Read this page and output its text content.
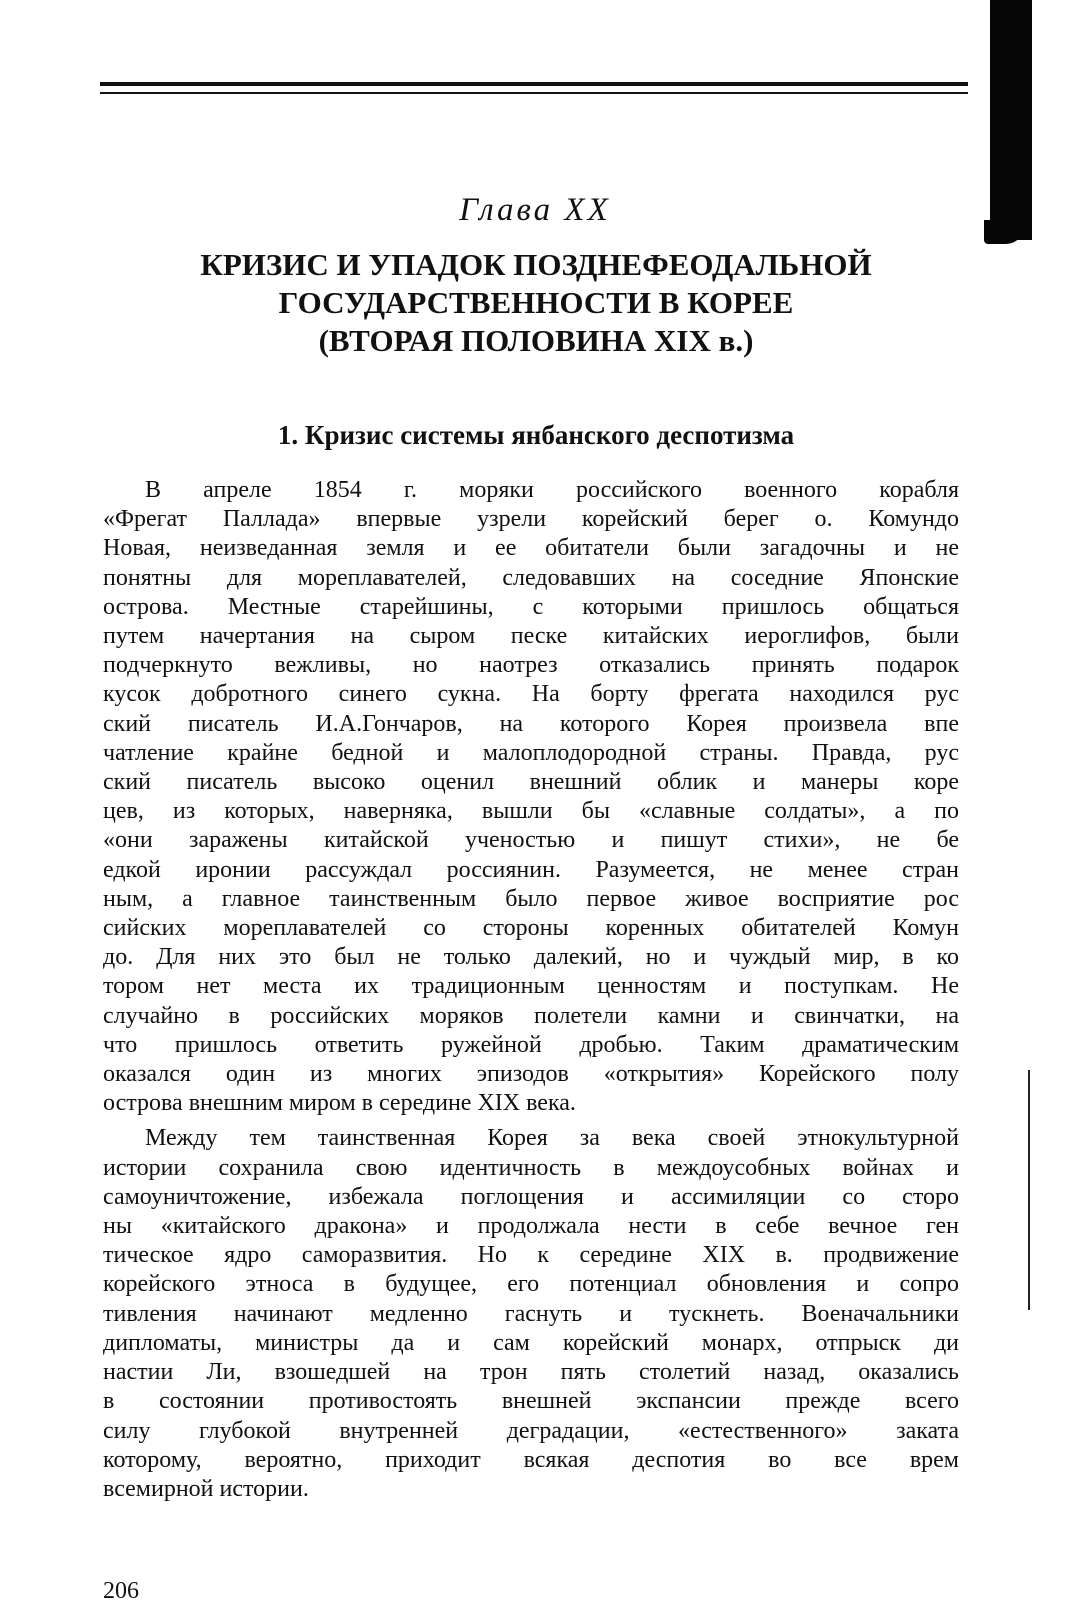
Глава XX
КРИЗИС И УПАДОК ПОЗДНЕФЕОДАЛЬНОЙ
ГОСУДАРСТВЕННОСТИ В КОРЕЕ
(ВТОРАЯ ПОЛОВИНА XIX в.)
1. Кризис системы янбанского деспотизма
В апреле 1854 г. моряки российского военного корабля
«Фрегат Паллада» впервые узрели корейский берег о. Комундо
Новая, неизведанная земля и ее обитатели были загадочны и не
понятны для мореплавателей, следовавших на соседние Японские
острова. Местные старейшины, с которыми пришлось общаться
путем начертания на сыром песке китайских иероглифов, были
подчеркнуто вежливы, но наотрез отказались принять подарок
кусок добротного синего сукна. На борту фрегата находился рус
ский писатель И.А.Гончаров, на которого Корея произвела впе
чатление крайне бедной и малоплодородной страны. Правда, рус
ский писатель высоко оценил внешний облик и манеры коре
цев, из которых, наверняка, вышли бы «славные солдаты», а по
«они заражены китайской ученостью и пишут стихи», не бе
едкой иронии рассуждал россиянин. Разумеется, не менее стран
ным, а главное таинственным было первое живое восприятие рос
сийских мореплавателей со стороны коренных обитателей Комун
до. Для них это был не только далекий, но и чуждый мир, в ко
тором нет места их традиционным ценностям и поступкам. Не
случайно в российских моряков полетели камни и свинчатки, на
что пришлось ответить ружейной дробью. Таким драматическим
оказался один из многих эпизодов «открытия» Корейского полу
острова внешним миром в середине XIX века.
Между тем таинственная Корея за века своей этнокультурной
истории сохранила свою идентичность в междоусобных войнах и
самоуничтожение, избежала поглощения и ассимиляции со сторо
ны «китайского дракона» и продолжала нести в себе вечное ген
тическое ядро саморазвития. Но к середине XIX в. продвижение
корейского этноса в будущее, его потенциал обновления и сопро
тивления начинают медленно гаснуть и тускнеть. Военачальники
дипломаты, министры да и сам корейский монарх, отпрыск ди
настии Ли, взошедшей на трон пять столетий назад, оказались
в состоянии противостоять внешней экспансии прежде всего
силу глубокой внутренней деградации, «естественного» заката
которому, вероятно, приходит всякая деспотия во все врем
всемирной истории.
206
